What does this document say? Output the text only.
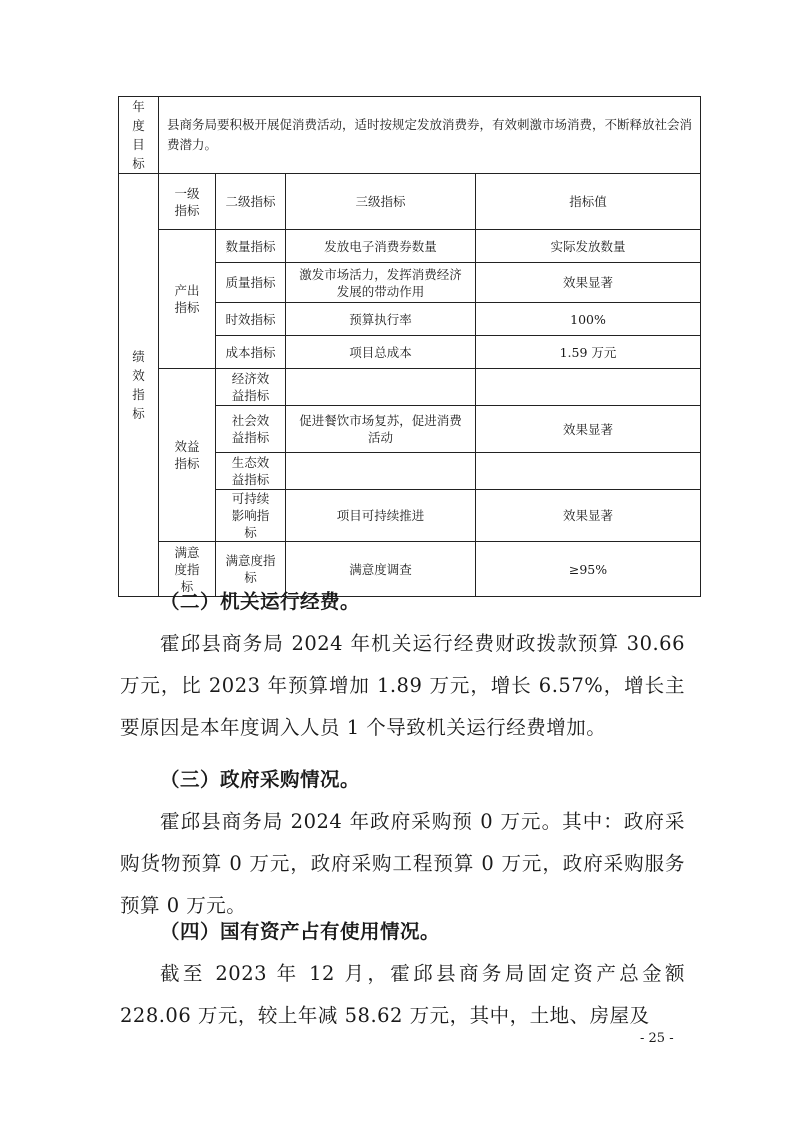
年度目标	县商务局要积极开展促消费活动，适时按规定发放消费券，有效刺激市场消费，不断释放社会消费潜力。			
绩效指标	一级指标	二级指标	三级指标	指标值
	产出指标	数量指标	发放电子消费券数量	实际发放数量
		质量指标	激发市场活力，发挥消费经济发展的带动作用	效果显著
		时效指标	预算执行率	100%
		成本指标	项目总成本	1.59 万元
	效益指标	经济效益指标		
		社会效益指标	促进餐饮市场复苏，促进消费活动	效果显著
		生态效益指标		
		可持续影响指标	项目可持续推进	效果显著
	满意度指标	满意度指标	满意度调查	≥95%

（二）机关运行经费。

霍邱县商务局 2024 年机关运行经费财政拨款预算 30.66 万元，比 2023 年预算增加 1.89 万元，增长 6.57%，增长主要原因是本年度调入人员 1 个导致机关运行经费增加。

（三）政府采购情况。

霍邱县商务局 2024 年政府采购预 0 万元。其中：政府采购货物预算 0 万元，政府采购工程预算 0 万元，政府采购服务预算 0 万元。

（四）国有资产占有使用情况。

截至 2023 年 12 月，霍邱县商务局固定资产总金额 228.06 万元，较上年减 58.62 万元，其中，土地、房屋及

- 25 -
